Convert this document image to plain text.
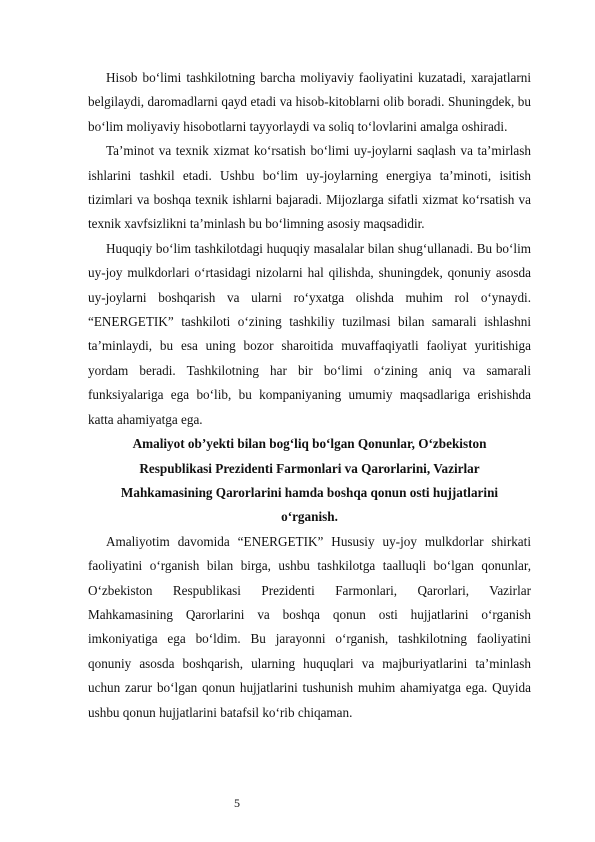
Hisob bo‘limi tashkilotning barcha moliyaviy faoliyatini kuzatadi, xarajatlarni belgilaydi, daromadlarni qayd etadi va hisob-kitoblarni olib boradi. Shuningdek, bu bo‘lim moliyaviy hisobotlarni tayyorlaydi va soliq to‘lovlarini amalga oshiradi.

Ta’minot va texnik xizmat ko‘rsatish bo‘limi uy-joylarni saqlash va ta’mirlash ishlarini tashkil etadi. Ushbu bo‘lim uy-joylarning energiya ta’minoti, isitish tizimlari va boshqa texnik ishlarni bajaradi. Mijozlarga sifatli xizmat ko‘rsatish va texnik xavfsizlikni ta’minlash bu bo‘limning asosiy maqsadidir.

Huquqiy bo‘lim tashkilotdagi huquqiy masalalar bilan shug‘ullanadi. Bu bo‘lim uy-joy mulkdorlari o‘rtasidagi nizolarni hal qilishda, shuningdek, qonuniy asosda uy-joylarni boshqarish va ularni ro‘yxatga olishda muhim rol o‘ynaydi. “ENERGETIK” tashkiloti o‘zining tashkiliy tuzilmasi bilan samarali ishlashni ta’minlaydi, bu esa uning bozor sharoitida muvaffaqiyatli faoliyat yuritishiga yordam beradi. Tashkilotning har bir bo‘limi o‘zining aniq va samarali funksiyalariga ega bo‘lib, bu kompaniyaning umumiy maqsadlariga erishishda katta ahamiyatga ega.

Amaliyot ob’yekti bilan bog‘liq bo‘lgan Qonunlar, O‘zbekiston Respublikasi Prezidenti Farmonlari va Qarorlarini, Vazirlar Mahkamasining Qarorlarini hamda boshqa qonun osti hujjatlarini o‘rganish.

Amaliyotim davomida “ENERGETIK” Hususiy uy-joy mulkdorlar shirkati faoliyatini o‘rganish bilan birga, ushbu tashkilotga taalluqli bo‘lgan qonunlar, O‘zbekiston Respublikasi Prezidenti Farmonlari, Qarorlari, Vazirlar Mahkamasining Qarorlarini va boshqa qonun osti hujjatlarini o‘rganish imkoniyatiga ega bo‘ldim. Bu jarayonni o‘rganish, tashkilotning faoliyatini qonuniy asosda boshqarish, ularning huquqlari va majburiyatlarini ta’minlash uchun zarur bo‘lgan qonun hujjatlarini tushunish muhim ahamiyatga ega. Quyida ushbu qonun hujjatlarini batafsil ko‘rib chiqaman.

5
